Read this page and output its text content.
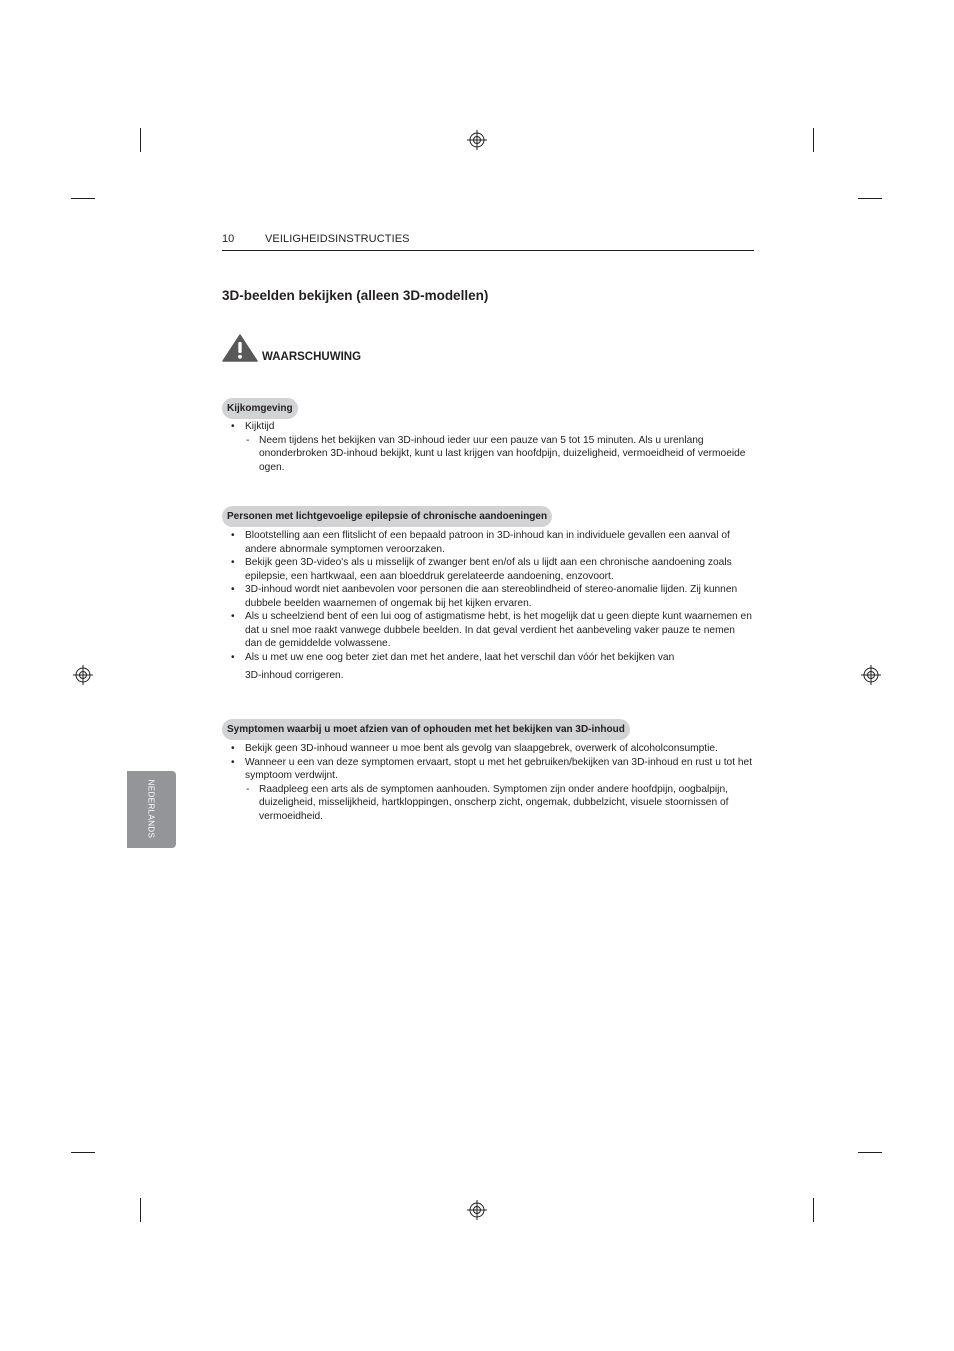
10	VEILIGHEIDSINSTRUCTIES
3D-beelden bekijken (alleen 3D-modellen)
WAARSCHUWING
Kijkomgeving
• Kijktijd
- Neem tijdens het bekijken van 3D-inhoud ieder uur een pauze van 5 tot 15 minuten. Als u urenlang ononderbroken 3D-inhoud bekijkt, kunt u last krijgen van hoofdpijn, duizeligheid, vermoeidheid of vermoeide ogen.
Personen met lichtgevoelige epilepsie of chronische aandoeningen
• Blootstelling aan een flitslicht of een bepaald patroon in 3D-inhoud kan in individuele gevallen een aanval of andere abnormale symptomen veroorzaken.
• Bekijk geen 3D-video's als u misselijk of zwanger bent en/of als u lijdt aan een chronische aandoening zoals epilepsie, een hartkwaal, een aan bloeddruk gerelateerde aandoening, enzovoort.
• 3D-inhoud wordt niet aanbevolen voor personen die aan stereoblindheid of stereo-anomalie lijden. Zij kunnen dubbele beelden waarnemen of ongemak bij het kijken ervaren.
• Als u scheelziend bent of een lui oog of astigmatisme hebt, is het mogelijk dat u geen diepte kunt waarnemen en dat u snel moe raakt vanwege dubbele beelden. In dat geval verdient het aanbeveling vaker pauze te nemen dan de gemiddelde volwassene.
• Als u met uw ene oog beter ziet dan met het andere, laat het verschil dan vóór het bekijken van
3D-inhoud corrigeren.
Symptomen waarbij u moet afzien van of ophouden met het bekijken van 3D-inhoud
• Bekijk geen 3D-inhoud wanneer u moe bent als gevolg van slaapgebrek, overwerk of alcoholconsumptie.
• Wanneer u een van deze symptomen ervaart, stopt u met het gebruiken/bekijken van 3D-inhoud en rust u tot het symptoom verdwijnt.
- Raadpleeg een arts als de symptomen aanhouden. Symptomen zijn onder andere hoofdpijn, oogbalpijn, duizeligheid, misselijkheid, hartkloppingen, onscherp zicht, ongemak, dubbelzicht, visuele stoornissen of vermoeidheid.
NEDERLANDS
